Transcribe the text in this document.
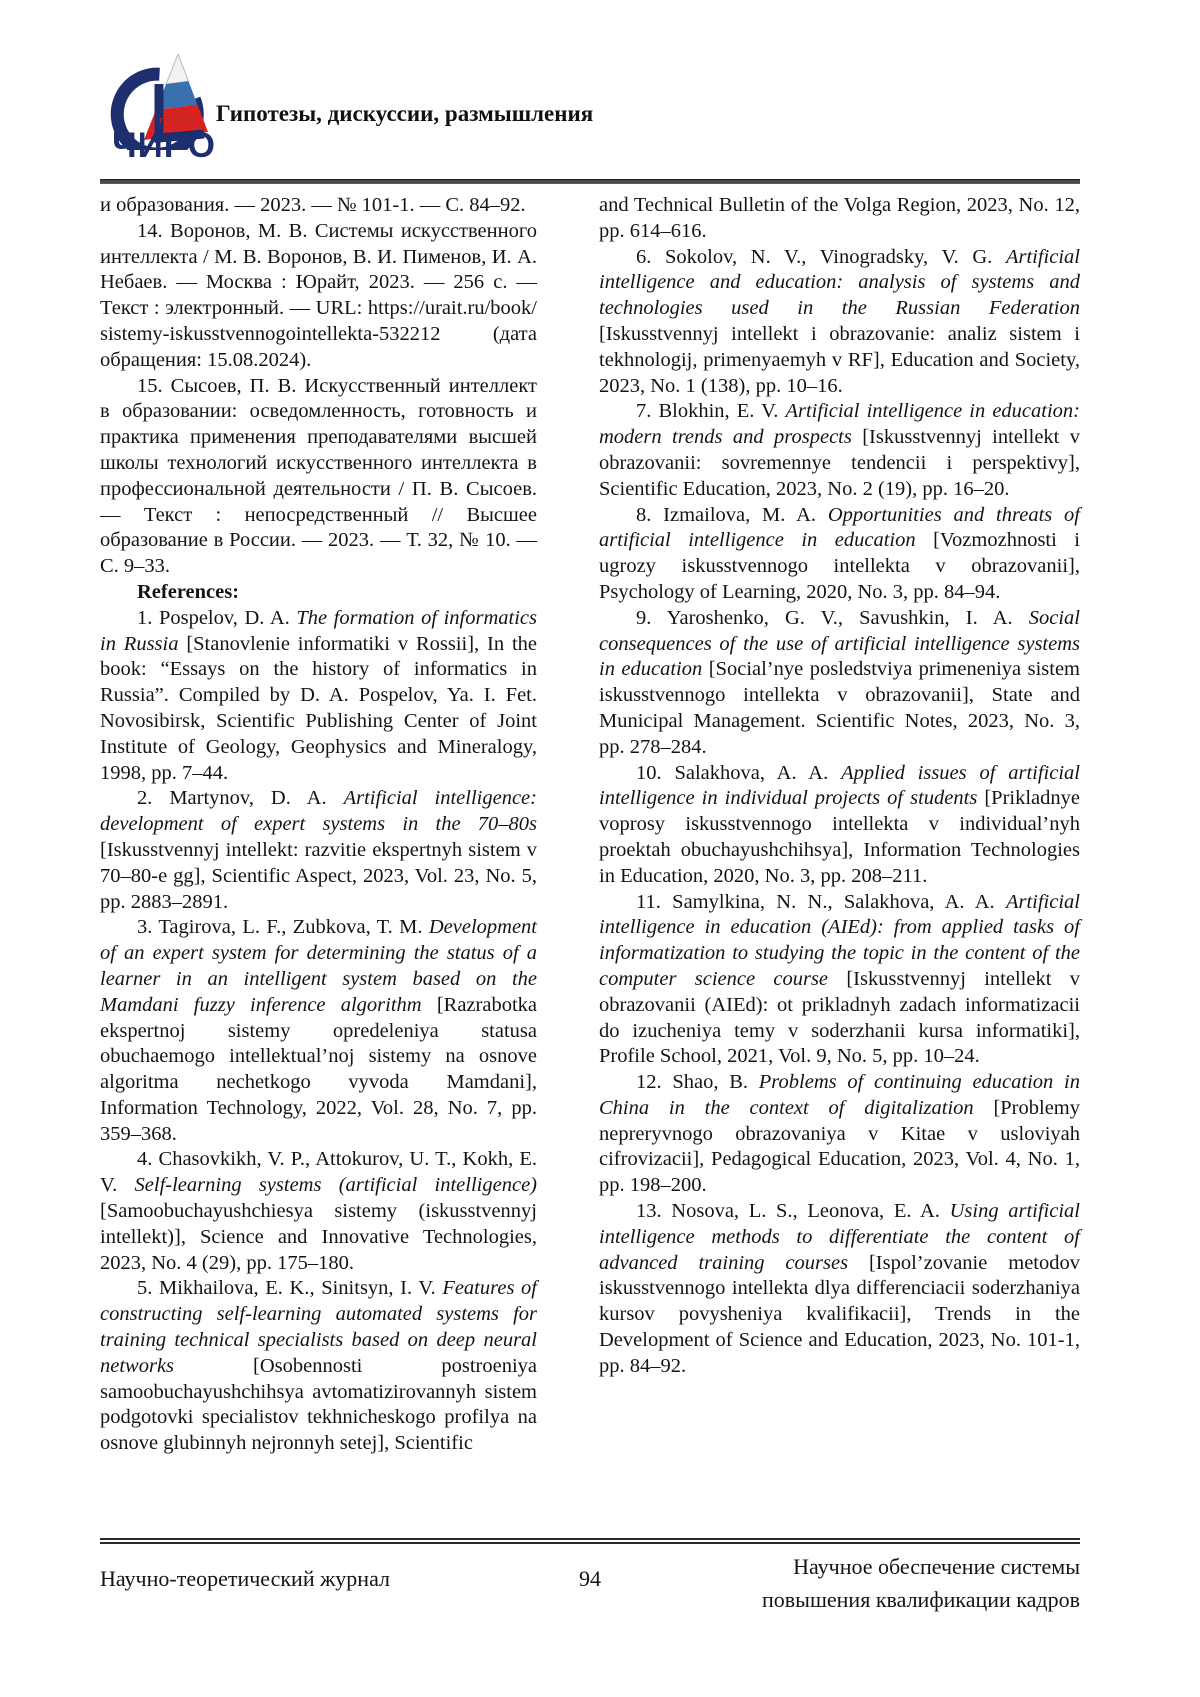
ГБУ ДПО
ЧИРО
Гипотезы, дискуссии, размышления

и образования. — 2023. — № 101-1. — С. 84–92.

14. Воронов, М. В. Системы искусственного интеллекта / М. В. Воронов, В. И. Пименов, И. А. Небаев. — Москва : Юрайт, 2023. — 256 с. — Текст : электронный. — URL: https://urait.ru/book/sistemy-iskusstvennogointellekta-532212 (дата обращения: 15.08.2024).

15. Сысоев, П. В. Искусственный интеллект в образовании: осведомленность, готовность и практика применения преподавателями высшей школы технологий искусственного интеллекта в профессиональной деятельности / П. В. Сысоев. — Текст : непосредственный // Высшее образование в России. — 2023. — Т. 32, № 10. — С. 9–33.

References:

1. Pospelov, D. A. The formation of informatics in Russia [Stanovlenie informatiki v Rossii], In the book: “Essays on the history of informatics in Russia”. Compiled by D. A. Pospelov, Ya. I. Fet. Novosibirsk, Scientific Publishing Center of Joint Institute of Geology, Geophysics and Mineralogy, 1998, pp. 7–44.

2. Martynov, D. A. Artificial intelligence: development of expert systems in the 70–80s [Iskusstvennyj intellekt: razvitie ekspertnyh sistem v 70–80-e gg], Scientific Aspect, 2023, Vol. 23, No. 5, pp. 2883–2891.

3. Tagirova, L. F., Zubkova, T. M. Development of an expert system for determining the status of a learner in an intelligent system based on the Mamdani fuzzy inference algorithm [Razrabotka ekspertnoj sistemy opredeleniya statusa obuchaemogo intellektual’noj sistemy na osnove algoritma nechetkogo vyvoda Mamdani], Information Technology, 2022, Vol. 28, No. 7, pp. 359–368.

4. Chasovkikh, V. P., Attokurov, U. T., Kokh, E. V. Self-learning systems (artificial intelligence) [Samoobuchayushchiesya sistemy (iskusstvennyj intellekt)], Science and Innovative Technologies, 2023, No. 4 (29), pp. 175–180.

5. Mikhailova, E. K., Sinitsyn, I. V. Features of constructing self-learning automated systems for training technical specialists based on deep neural networks [Osobennosti postroeniya samoobuchayushchihsya avtomatizirovannyh sistem podgotovki specialistov tekhnicheskogo profilya na osnove glubinnyh nejronnyh setej], Scientific

and Technical Bulletin of the Volga Region, 2023, No. 12, pp. 614–616.

6. Sokolov, N. V., Vinogradsky, V. G. Artificial intelligence and education: analysis of systems and technologies used in the Russian Federation [Iskusstvennyj intellekt i obrazovanie: analiz sistem i tekhnologij, primenyaemyh v RF], Education and Society, 2023, No. 1 (138), pp. 10–16.

7. Blokhin, E. V. Artificial intelligence in education: modern trends and prospects [Iskusstvennyj intellekt v obrazovanii: sovremennye tendencii i perspektivy], Scientific Education, 2023, No. 2 (19), pp. 16–20.

8. Izmailova, M. A. Opportunities and threats of artificial intelligence in education [Vozmozhnosti i ugrozy iskusstvennogo intellekta v obrazovanii], Psychology of Learning, 2020, No. 3, pp. 84–94.

9. Yaroshenko, G. V., Savushkin, I. A. Social consequences of the use of artificial intelligence systems in education [Social’nye posledstviya primeneniya sistem iskusstvennogo intellekta v obrazovanii], State and Municipal Management. Scientific Notes, 2023, No. 3, pp. 278–284.

10. Salakhova, A. A. Applied issues of artificial intelligence in individual projects of students [Prikladnye voprosy iskusstvennogo intellekta v individual’nyh proektah obuchayushchihsya], Information Technologies in Education, 2020, No. 3, pp. 208–211.

11. Samylkina, N. N., Salakhova, A. A. Artificial intelligence in education (AIEd): from applied tasks of informatization to studying the topic in the content of the computer science course [Iskusstvennyj intellekt v obrazovanii (AIEd): ot prikladnyh zadach informatizacii do izucheniya temy v soderzhanii kursa informatiki], Profile School, 2021, Vol. 9, No. 5, pp. 10–24.

12. Shao, B. Problems of continuing education in China in the context of digitalization [Problemy nepreryvnogo obrazovaniya v Kitae v usloviyah cifrovizacii], Pedagogical Education, 2023, Vol. 4, No. 1, pp. 198–200.

13. Nosova, L. S., Leonova, E. A. Using artificial intelligence methods to differentiate the content of advanced training courses [Ispol’zovanie metodov iskusstvennogo intellekta dlya differenciacii soderzhaniya kursov povysheniya kvalifikacii], Trends in the Development of Science and Education, 2023, No. 101-1, pp. 84–92.

Научно-теоретический журнал	94	Научное обеспечение системы
повышения квалификации кадров
